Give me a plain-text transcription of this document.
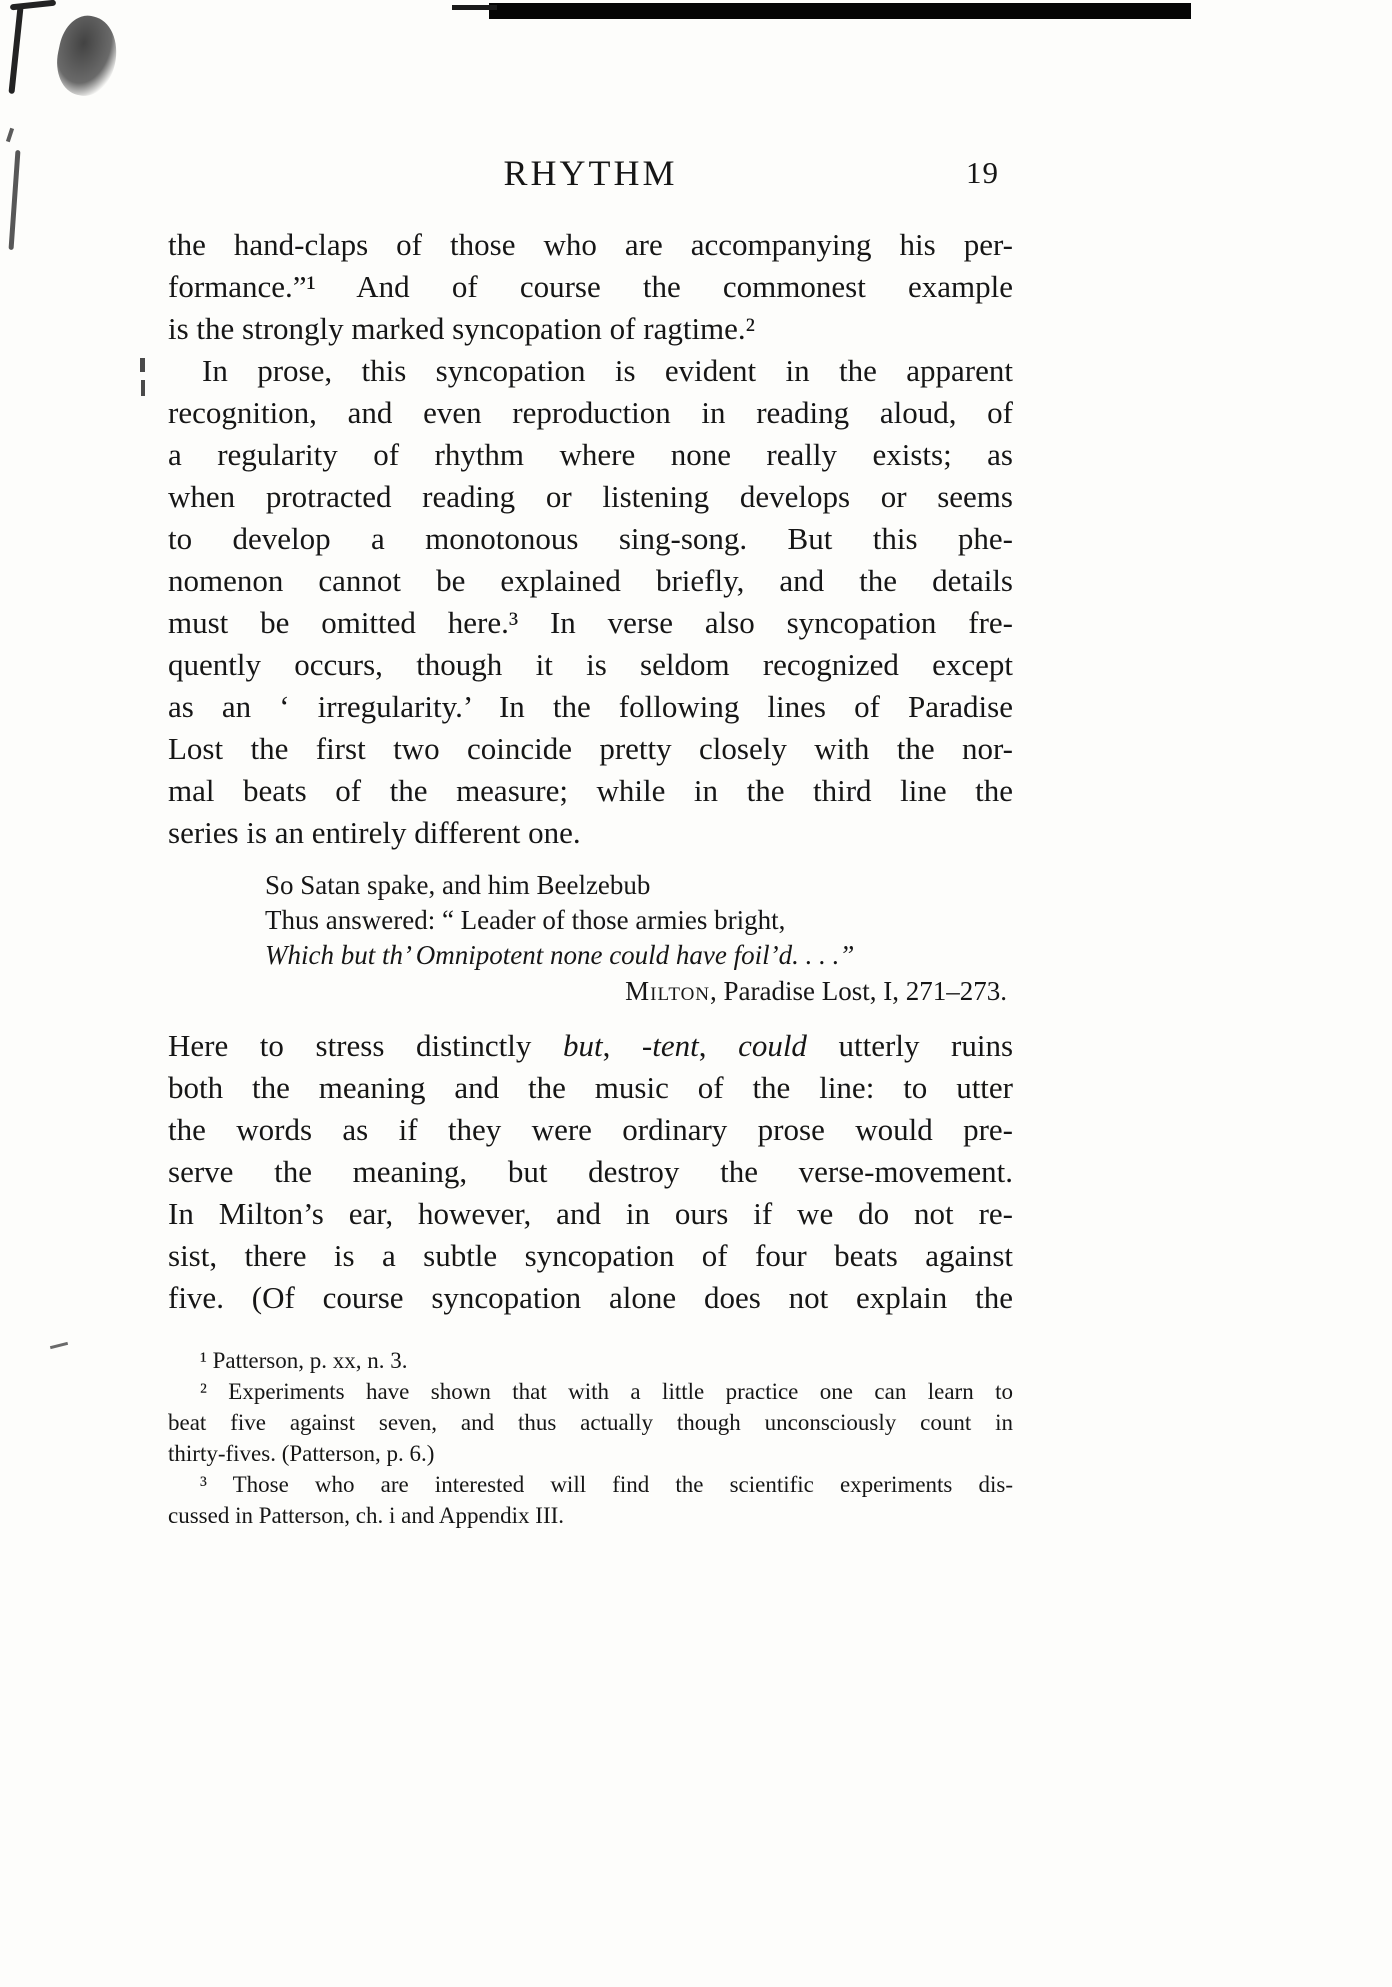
RHYTHM	19
the hand-claps of those who are accompanying his per-
formance.”¹ And of course the commonest example
is the strongly marked syncopation of ragtime.²
In prose, this syncopation is evident in the apparent
recognition, and even reproduction in reading aloud, of
a regularity of rhythm where none really exists; as
when protracted reading or listening develops or seems
to develop a monotonous sing-song. But this phe-
nomenon cannot be explained briefly, and the details
must be omitted here.³ In verse also syncopation fre-
quently occurs, though it is seldom recognized except
as an ‘ irregularity.’ In the following lines of Paradise
Lost the first two coincide pretty closely with the nor-
mal beats of the measure; while in the third line the
series is an entirely different one.
So Satan spake, and him Beelzebub
Thus answered: “ Leader of those armies bright,
Which but th’ Omnipotent none could have foil’d. . . .”
Milton, Paradise Lost, I, 271–273.
Here to stress distinctly but, -tent, could utterly ruins
both the meaning and the music of the line: to utter
the words as if they were ordinary prose would pre-
serve the meaning, but destroy the verse-movement.
In Milton’s ear, however, and in ours if we do not re-
sist, there is a subtle syncopation of four beats against
five. (Of course syncopation alone does not explain the
¹ Patterson, p. xx, n. 3.
² Experiments have shown that with a little practice one can learn to
beat five against seven, and thus actually though unconsciously count in
thirty-fives. (Patterson, p. 6.)
³ Those who are interested will find the scientific experiments dis-
cussed in Patterson, ch. i and Appendix III.
